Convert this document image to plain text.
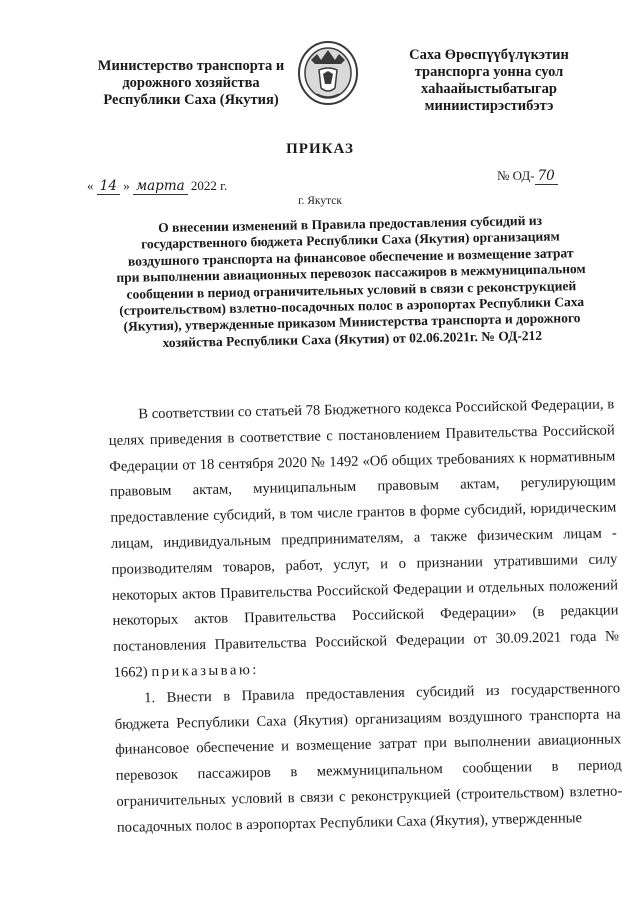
Министерство транспорта и дорожного хозяйства Республики Саха (Якутия)
Саха Өрөспүүбүлүкэтин транспорга уонна суол хаһаайыстыбатыгар миниистирэстибэтэ
ПРИКАЗ
« 14 » марта 2022 г.
№ ОД- 70
г. Якутск
О внесении изменений в Правила предоставления субсидий из государственного бюджета Республики Саха (Якутия) организациям воздушного транспорта на финансовое обеспечение и возмещение затрат при выполнении авиационных перевозок пассажиров в межмуниципальном сообщении в период ограничительных условий в связи с реконструкцией (строительством) взлетно-посадочных полос в аэропортах Республики Саха (Якутия), утвержденные приказом Министерства транспорта и дорожного хозяйства Республики Саха (Якутия) от 02.06.2021г. № ОД-212

В соответствии со статьей 78 Бюджетного кодекса Российской Федерации, в целях приведения в соответствие с постановлением Правительства Российской Федерации от 18 сентября 2020 № 1492 «Об общих требованиях к нормативным правовым актам, муниципальным правовым актам, регулирующим предоставление субсидий, в том числе грантов в форме субсидий, юридическим лицам, индивидуальным предпринимателям, а также физическим лицам - производителям товаров, работ, услуг, и о признании утратившими силу некоторых актов Правительства Российской Федерации и отдельных положений некоторых актов Правительства Российской Федерации» (в редакции постановления Правительства Российской Федерации от 30.09.2021 года № 1662) приказываю:

1. Внести в Правила предоставления субсидий из государственного бюджета Республики Саха (Якутия) организациям воздушного транспорта на финансовое обеспечение и возмещение затрат при выполнении авиационных перевозок пассажиров в межмуниципальном сообщении в период ограничительных условий в связи с реконструкцией (строительством) взлетно-посадочных полос в аэропортах Республики Саха (Якутия), утвержденные
